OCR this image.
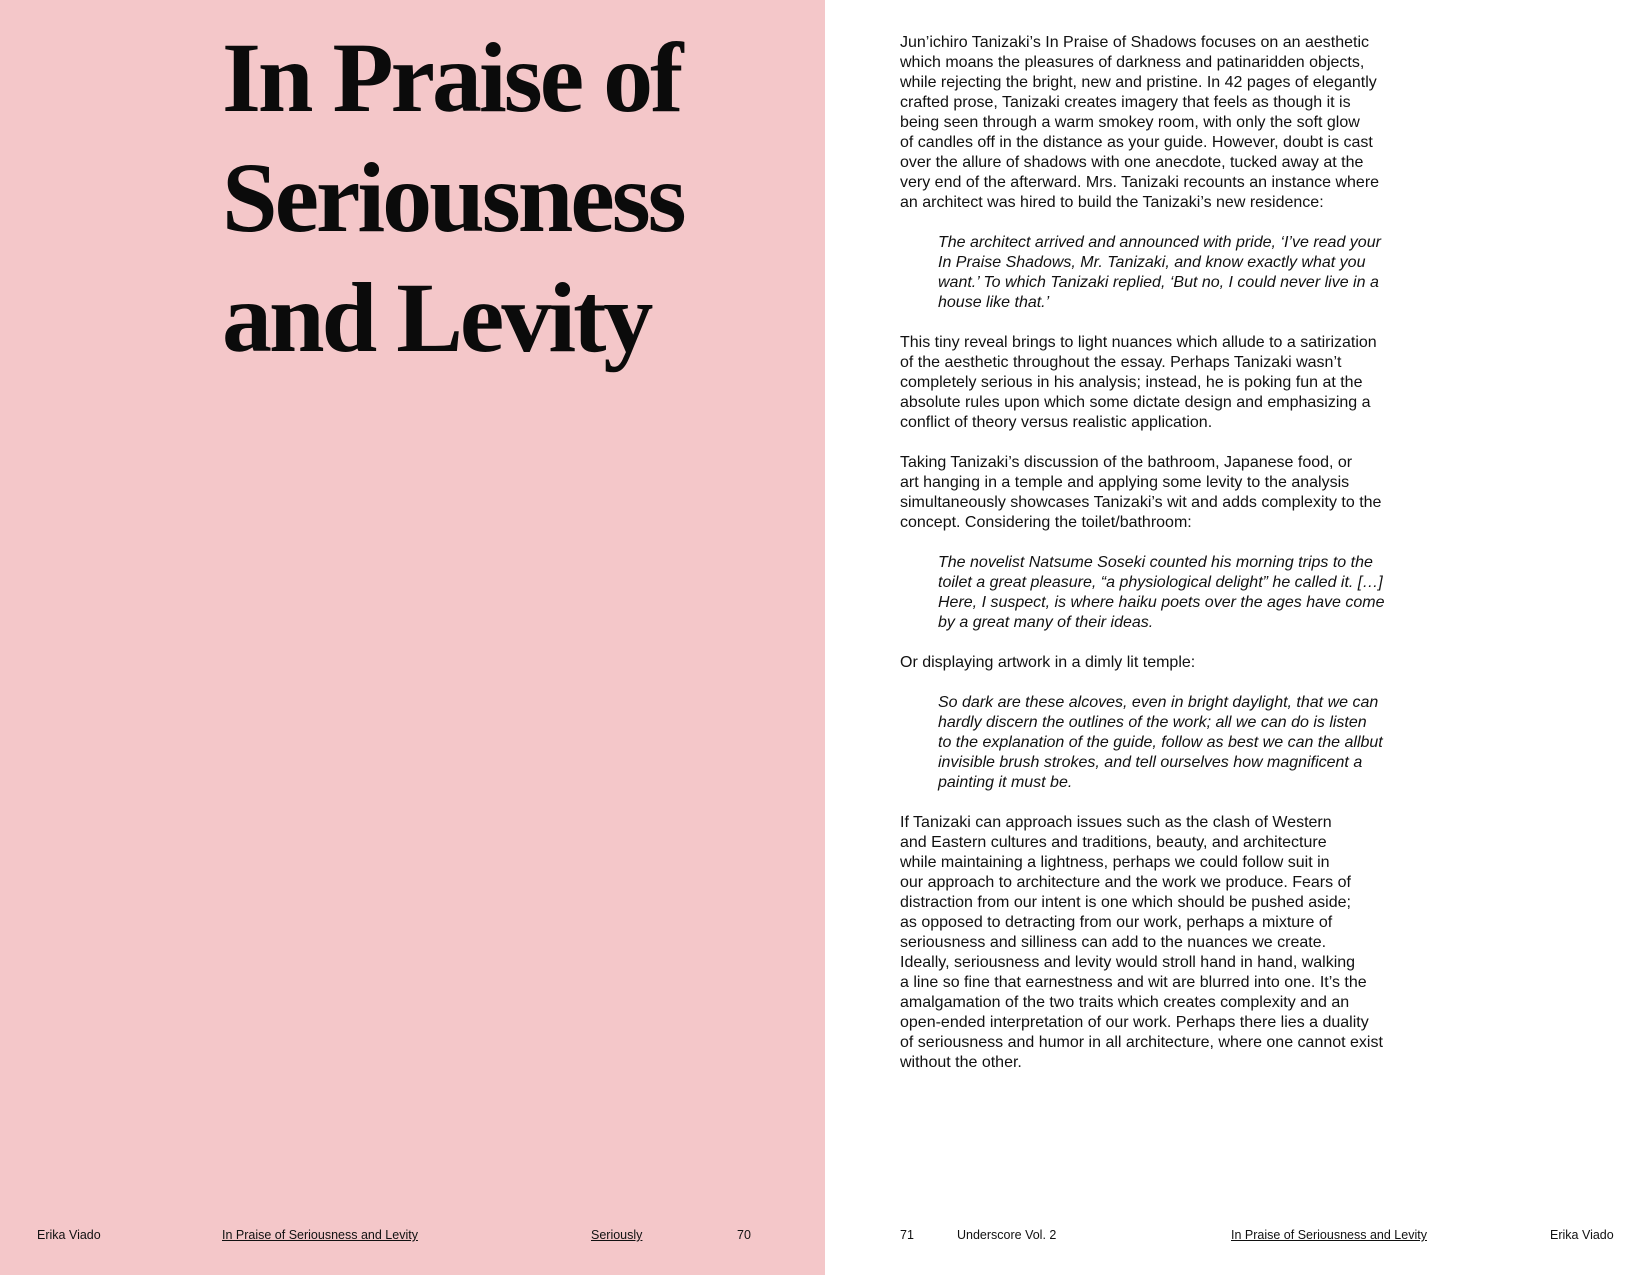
In Praise of
Seriousness
and Levity
Erika Viado	In Praise of Seriousness and Levity	Seriously	70

Jun’ichiro Tanizaki’s In Praise of Shadows focuses on an aesthetic
which moans the pleasures of darkness and patinaridden objects,
while rejecting the bright, new and pristine. In 42 pages of elegantly
crafted prose, Tanizaki creates imagery that feels as though it is
being seen through a warm smokey room, with only the soft glow
of candles off in the distance as your guide. However, doubt is cast
over the allure of shadows with one anecdote, tucked away at the
very end of the afterward. Mrs. Tanizaki recounts an instance where
an architect was hired to build the Tanizaki’s new residence:

The architect arrived and announced with pride, ‘I’ve read your
In Praise Shadows, Mr. Tanizaki, and know exactly what you
want.’ To which Tanizaki replied, ‘But no, I could never live in a
house like that.’

This tiny reveal brings to light nuances which allude to a satirization
of the aesthetic throughout the essay. Perhaps Tanizaki wasn’t
completely serious in his analysis; instead, he is poking fun at the
absolute rules upon which some dictate design and emphasizing a
conflict of theory versus realistic application.

Taking Tanizaki’s discussion of the bathroom, Japanese food, or
art hanging in a temple and applying some levity to the analysis
simultaneously showcases Tanizaki’s wit and adds complexity to the
concept. Considering the toilet/bathroom:

The novelist Natsume Soseki counted his morning trips to the
toilet a great pleasure, “a physiological delight” he called it. […]
Here, I suspect, is where haiku poets over the ages have come
by a great many of their ideas.

Or displaying artwork in a dimly lit temple:

So dark are these alcoves, even in bright daylight, that we can
hardly discern the outlines of the work; all we can do is listen
to the explanation of the guide, follow as best we can the allbut
invisible brush strokes, and tell ourselves how magnificent a
painting it must be.

If Tanizaki can approach issues such as the clash of Western
and Eastern cultures and traditions, beauty, and architecture
while maintaining a lightness, perhaps we could follow suit in
our approach to architecture and the work we produce. Fears of
distraction from our intent is one which should be pushed aside;
as opposed to detracting from our work, perhaps a mixture of
seriousness and silliness can add to the nuances we create.
Ideally, seriousness and levity would stroll hand in hand, walking
a line so fine that earnestness and wit are blurred into one. It’s the
amalgamation of the two traits which creates complexity and an
open-ended interpretation of our work. Perhaps there lies a duality
of seriousness and humor in all architecture, where one cannot exist
without the other.

71	Underscore Vol. 2	In Praise of Seriousness and Levity	Erika Viado
